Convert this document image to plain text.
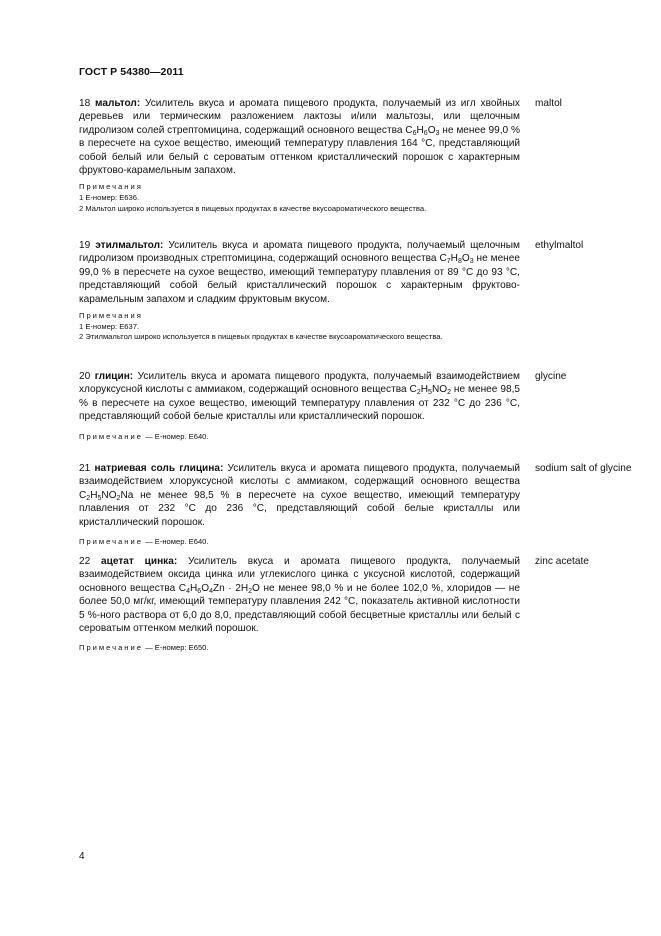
ГОСТ Р 54380—2011
18 мальтол: Усилитель вкуса и аромата пищевого продукта, получаемый из игл хвойных деревьев или термическим разложением лактозы и/или мальтозы, или щелочным гидролизом солей стрептомицина, содержащий основного вещества $C_6H_6O_3$ не менее 99,0 % в пересчете на сухое вещество, имеющий температуру плавления 164 °С, представляющий собой белый или белый с сероватым оттенком кристаллический порошок с характерным фруктово-карамельным запахом.
Примечания
1 Е-номер: Е636.
2 Мальтол широко используется в пищевых продуктах в качестве вкусоароматического вещества.
maltol
19 этилмальтол: Усилитель вкуса и аромата пищевого продукта, получаемый щелочным гидролизом производных стрептомицина, содержащий основного вещества $C_7H_8O_3$ не менее 99,0 % в пересчете на сухое вещество, имеющий температуру плавления от 89 °С до 93 °С, представляющий собой белый кристаллический порошок с характерным фруктово-карамельным запахом и сладким фруктовым вкусом.
Примечания
1 Е-номер: Е637.
2 Этилмальтол широко используется в пищевых продуктах в качестве вкусоароматического вещества.
ethylmaltol
20 глицин: Усилитель вкуса и аромата пищевого продукта, получаемый взаимодействием хлоруксусной кислоты с аммиаком, содержащий основного вещества $C_2H_5NO_2$ не менее 98,5 % в пересчете на сухое вещество, имеющий температуру плавления от 232 °С до 236 °С, представляющий собой белые кристаллы или кристаллический порошок.
Примечание — Е-номер. Е640.
glycine
21 натриевая соль глицина: Усилитель вкуса и аромата пищевого продукта, получаемый взаимодействием хлоруксусной кислоты с аммиаком, содержащий основного вещества $C_2H_5NO_2Na$ не менее 98,5 % в пересчете на сухое вещество, имеющий температуру плавления от 232 °С до 236 °С, представляющий собой белые кристаллы или кристаллический порошок.
Примечание — Е-номер. Е640.
sodium salt of glycine
22 ацетат цинка: Усилитель вкуса и аромата пищевого продукта, получаемый взаимодействием оксида цинка или углекислого цинка с уксусной кислотой, содержащий основного вещества $C_4H_6O_4Zn \cdot 2H_2O$ не менее 98,0 % и не более 102,0 %, хлоридов — не более 50,0 мг/кг, имеющий температуру плавления 242 °С, показатель активной кислотности 5 %-ного раствора от 6,0 до 8,0, представляющий собой бесцветные кристаллы или белый с сероватым оттенком мелкий порошок.
Примечание — Е-номер: Е650.
zinc acetate
4
